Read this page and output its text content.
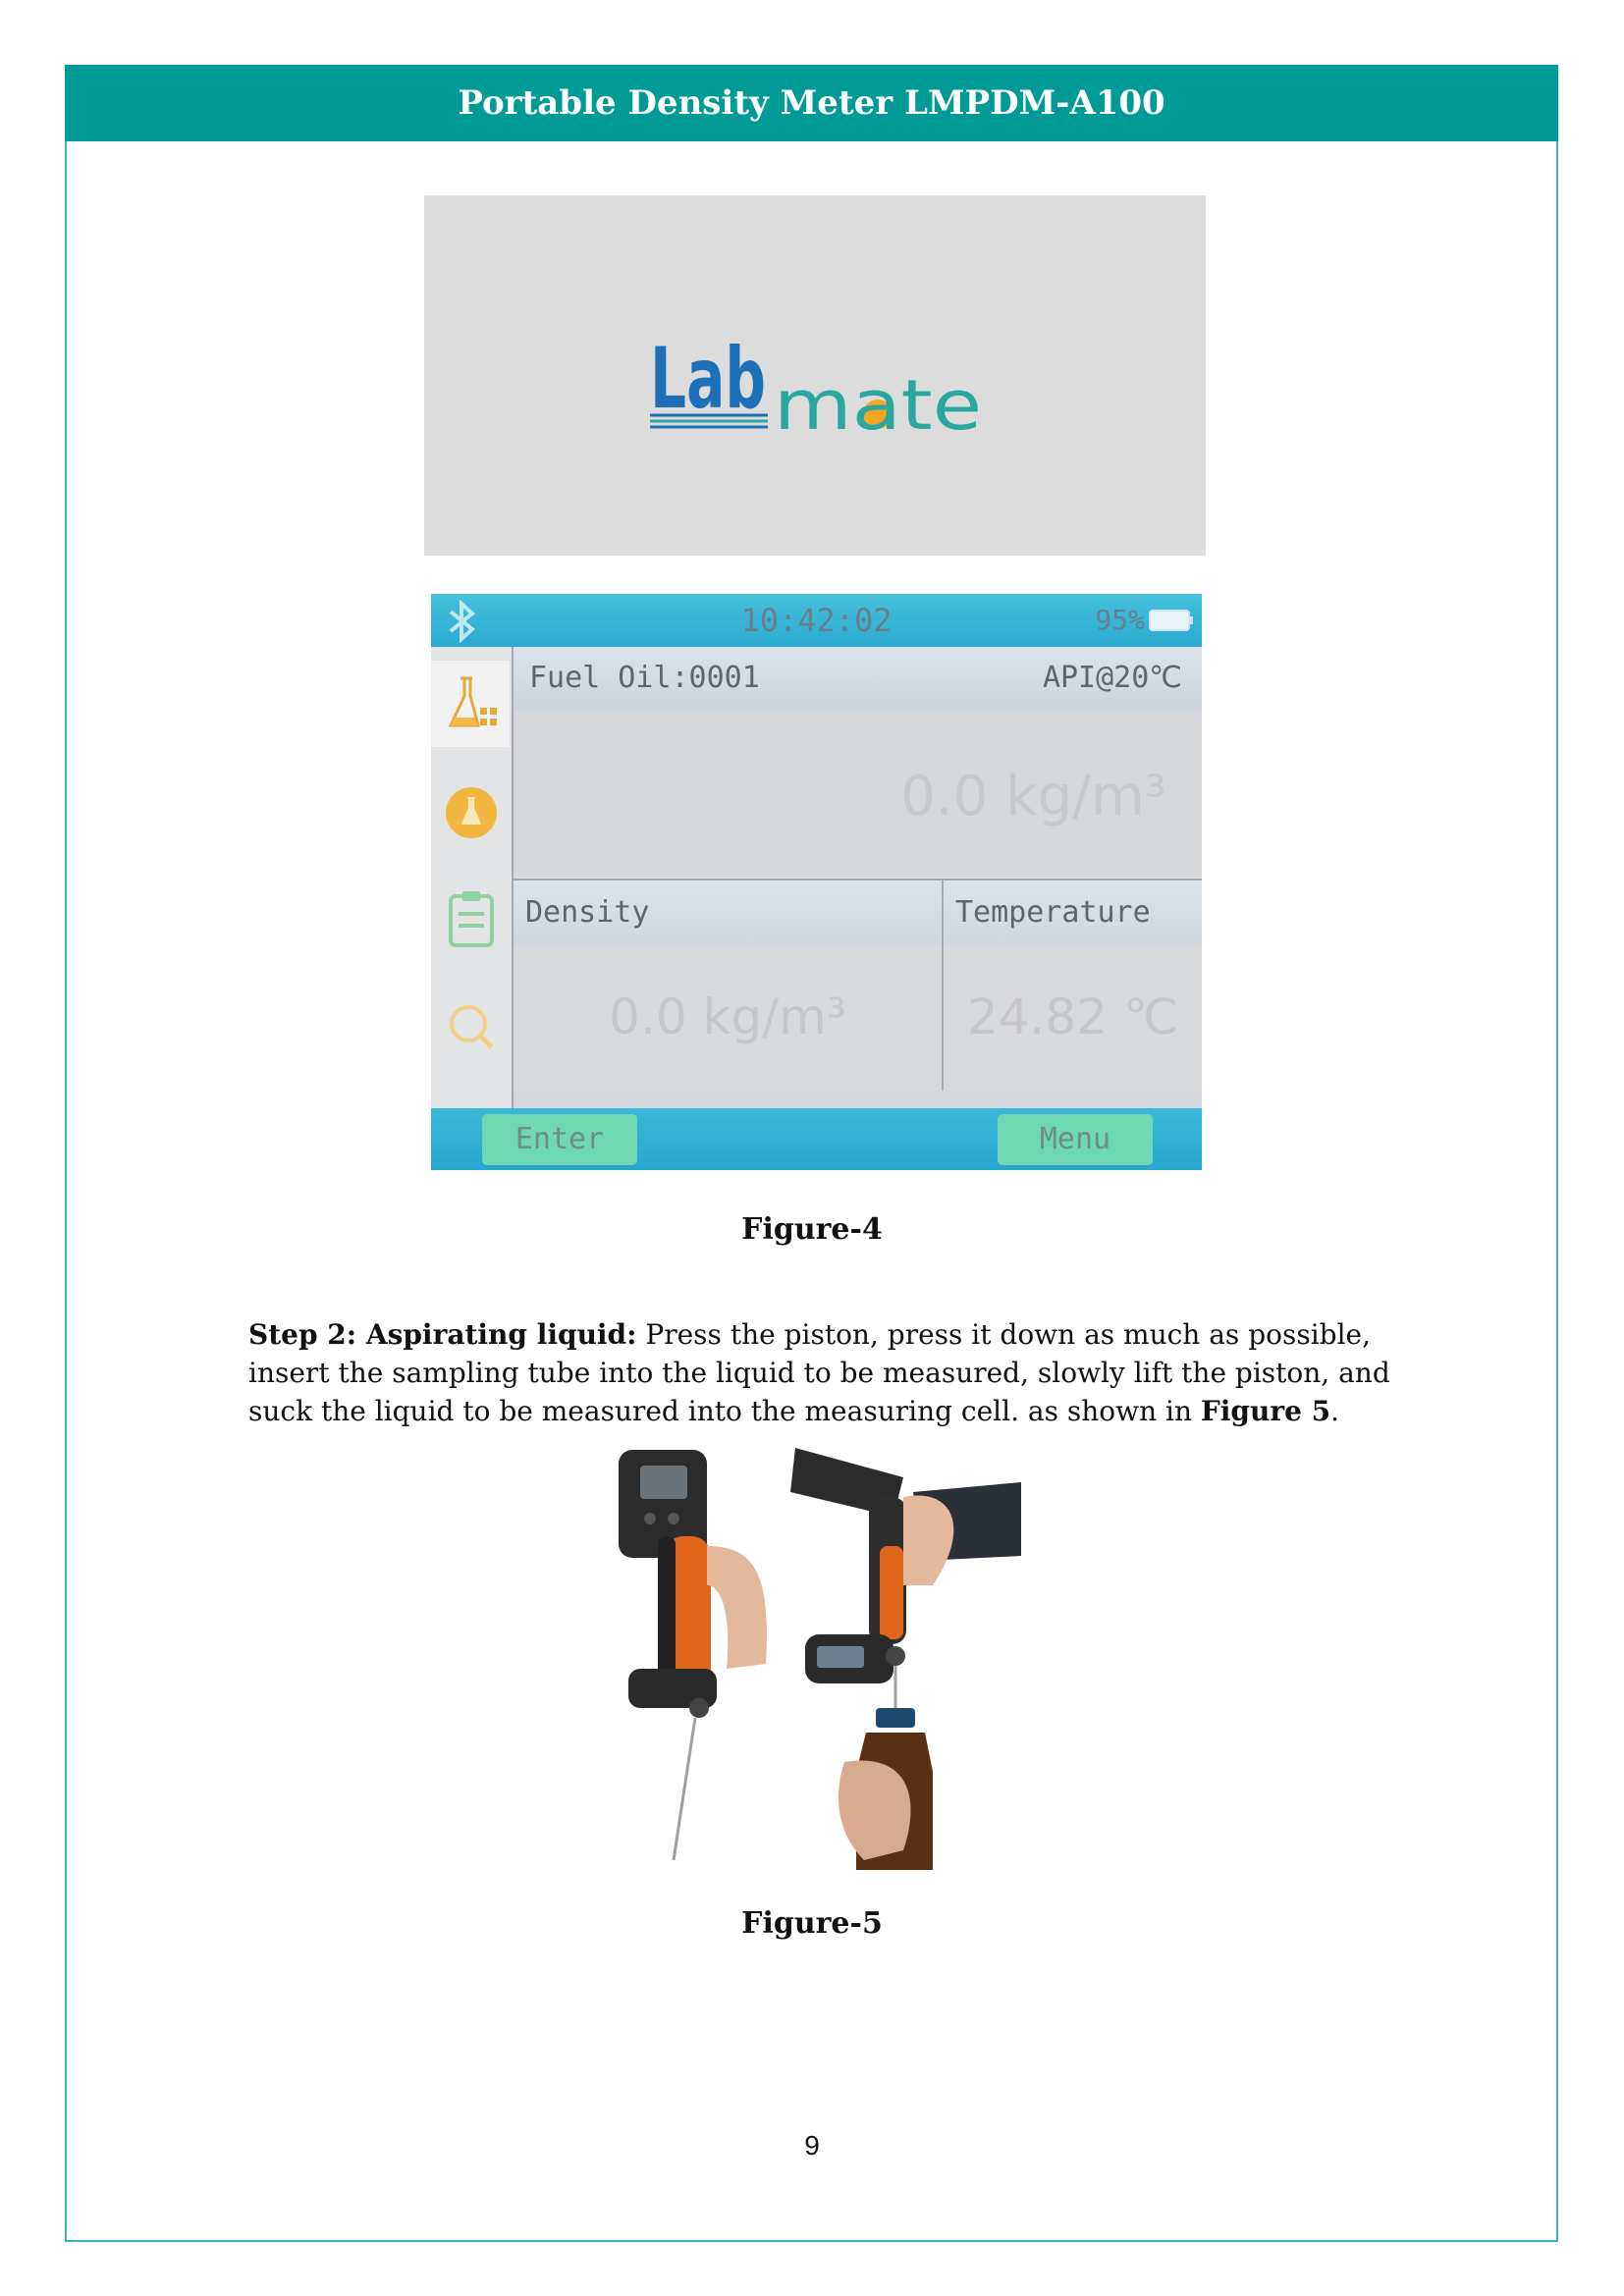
Portable Density Meter LMPDM-A100
Lab mate
10:42:02	95%
Fuel Oil:0001	API@20℃
0.0 kg/m³
Density
0.0 kg/m³
Temperature
24.82 ℃
Enter	Menu
Figure-4

Step 2: Aspirating liquid: Press the piston, press it down as much as possible, insert the sampling tube into the liquid to be measured, slowly lift the piston, and suck the liquid to be measured into the measuring cell. as shown in Figure 5.

Figure-5
9
